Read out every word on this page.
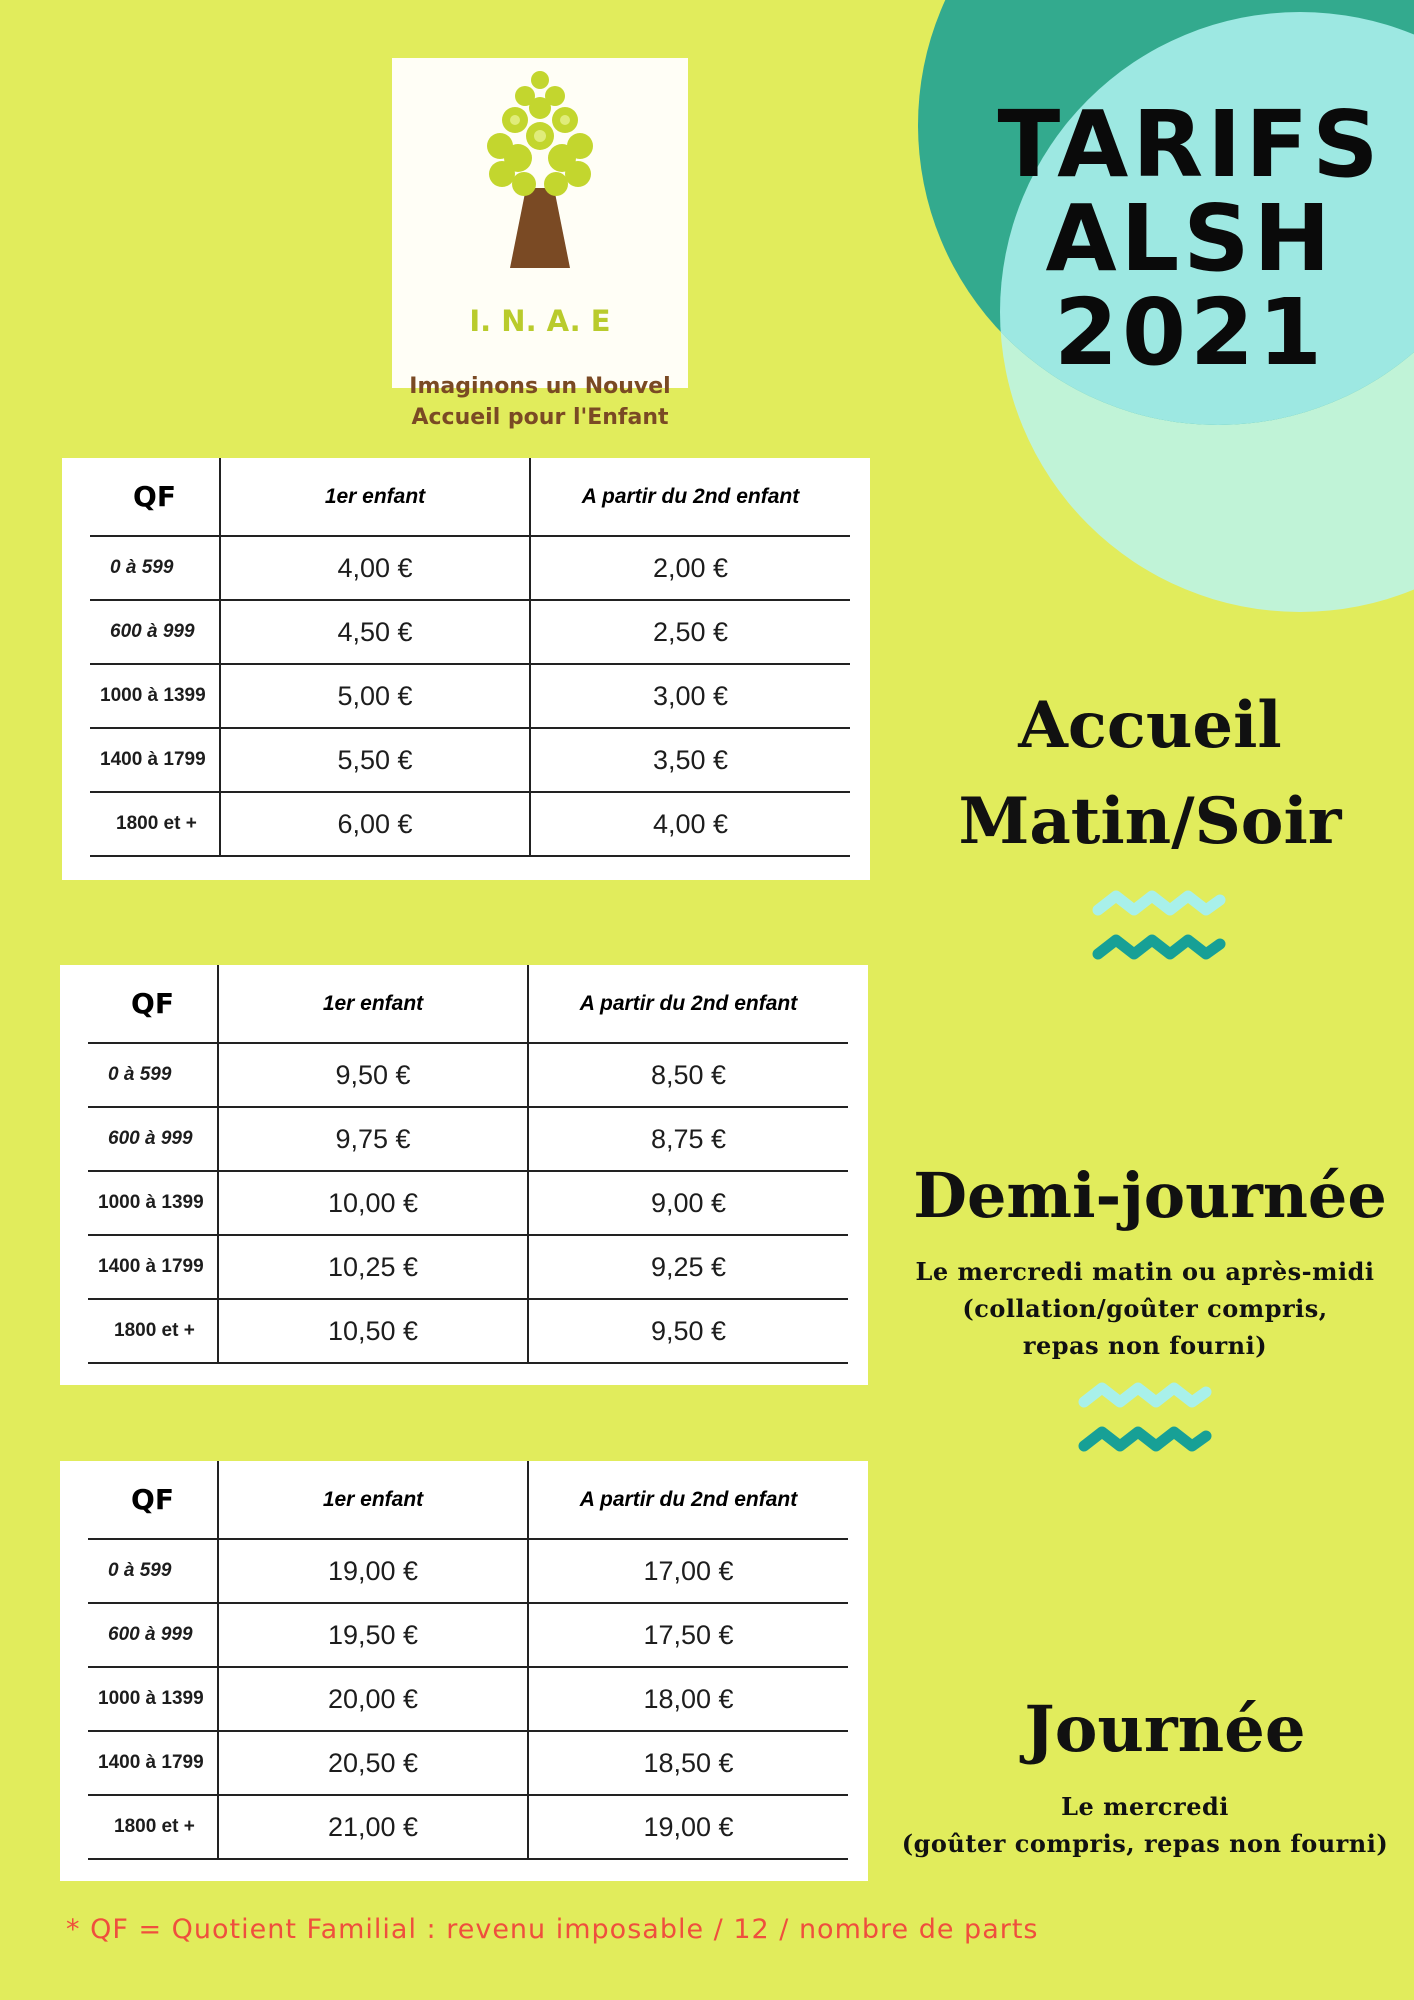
TARIFS
ALSH
2021
I. N. A. E
Imaginons un Nouvel
Accueil pour l'Enfant
QF	1er enfant	A partir du 2nd enfant
0 à 599	4,00 €	2,00 €
600 à 999	4,50 €	2,50 €
1000 à 1399	5,00 €	3,00 €
1400 à 1799	5,50 €	3,50 €
1800 et +	6,00 €	4,00 €
QF	1er enfant	A partir du 2nd enfant
0 à 599	9,50 €	8,50 €
600 à 999	9,75 €	8,75 €
1000 à 1399	10,00 €	9,00 €
1400 à 1799	10,25 €	9,25 €
1800 et +	10,50 €	9,50 €
QF	1er enfant	A partir du 2nd enfant
0 à 599	19,00 €	17,00 €
600 à 999	19,50 €	17,50 €
1000 à 1399	20,00 €	18,00 €
1400 à 1799	20,50 €	18,50 €
1800 et +	21,00 €	19,00 €
Accueil
Matin/Soir
Demi-journée
Le mercredi matin ou après-midi
(collation/goûter compris,
repas non fourni)
Journée
Le mercredi
(goûter compris, repas non fourni)
* QF = Quotient Familial : revenu imposable / 12 / nombre de parts
